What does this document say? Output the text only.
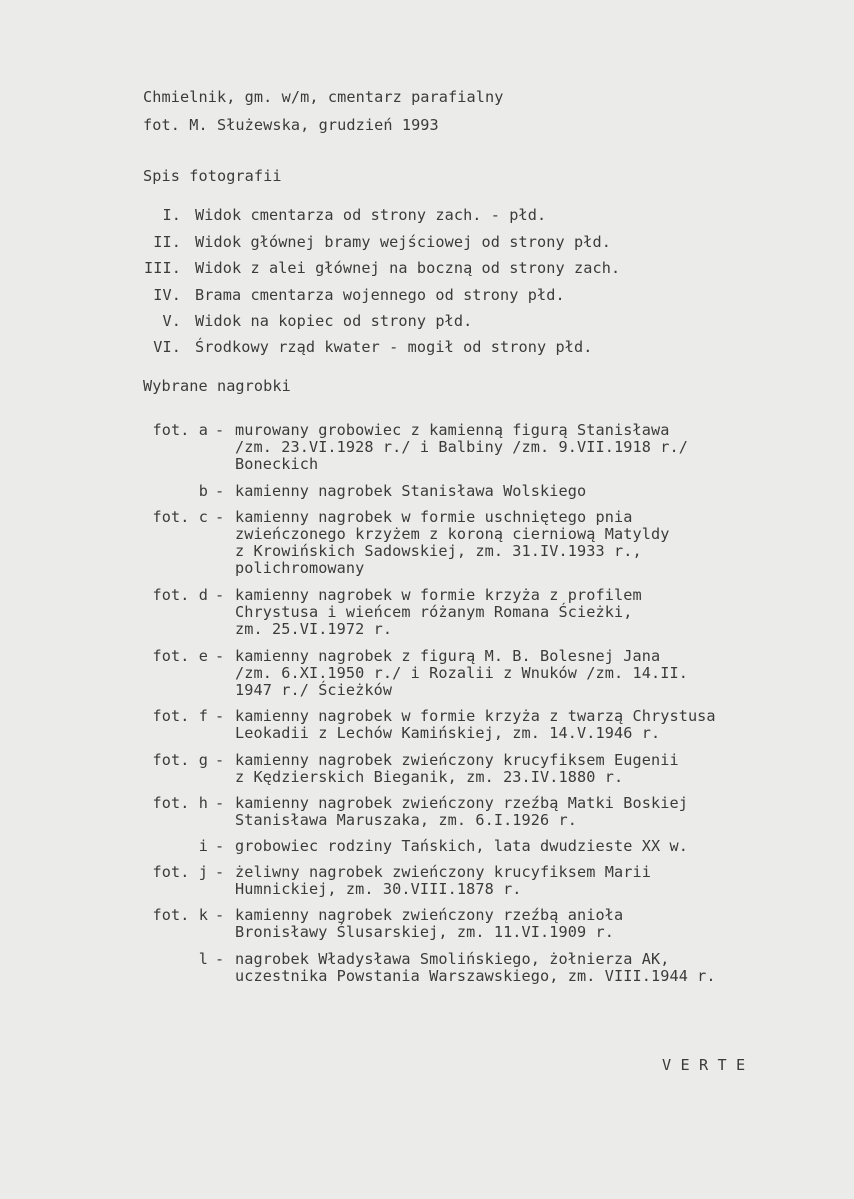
Chmielnik, gm. w/m, cmentarz parafialny
fot. M. Służewska, grudzień 1993
Spis fotografii
I. Widok cmentarza od strony zach. - płd.
II. Widok głównej bramy wejściowej od strony płd.
III. Widok z alei głównej na boczną od strony zach.
IV. Brama cmentarza wojennego od strony płd.
V. Widok na kopiec od strony płd.
VI. Środkowy rząd kwater - mogił od strony płd.
Wybrane nagrobki
fot. a - murowany grobowiec z kamienną figurą Stanisława
/zm. 23.VI.1928 r./ i Balbiny /zm. 9.VII.1918 r./
Boneckich
b - kamienny nagrobek Stanisława Wolskiego
fot. c - kamienny nagrobek w formie uschniętego pnia
zwieńczonego krzyżem z koroną cierniową Matyldy
z Krowińskich Sadowskiej, zm. 31.IV.1933 r.,
polichromowany
fot. d - kamienny nagrobek w formie krzyża z profilem
Chrystusa i wieńcem różanym Romana Ścieżki,
zm. 25.VI.1972 r.
fot. e - kamienny nagrobek z figurą M. B. Bolesnej Jana
/zm. 6.XI.1950 r./ i Rozalii z Wnuków /zm. 14.II.
1947 r./ Ścieżków
fot. f - kamienny nagrobek w formie krzyża z twarzą Chrystusa
Leokadii z Lechów Kamińskiej, zm. 14.V.1946 r.
fot. g - kamienny nagrobek zwieńczony krucyfiksem Eugenii
z Kędzierskich Bieganik, zm. 23.IV.1880 r.
fot. h - kamienny nagrobek zwieńczony rzeźbą Matki Boskiej
Stanisława Maruszaka, zm. 6.I.1926 r.
i - grobowiec rodziny Tańskich, lata dwudzieste XX w.
fot. j - żeliwny nagrobek zwieńczony krucyfiksem Marii
Humnickiej, zm. 30.VIII.1878 r.
fot. k - kamienny nagrobek zwieńczony rzeźbą anioła
Bronisławy Ślusarskiej, zm. 11.VI.1909 r.
l - nagrobek Władysława Smolińskiego, żołnierza AK,
uczestnika Powstania Warszawskiego, zm. VIII.1944 r.
V E R T E
